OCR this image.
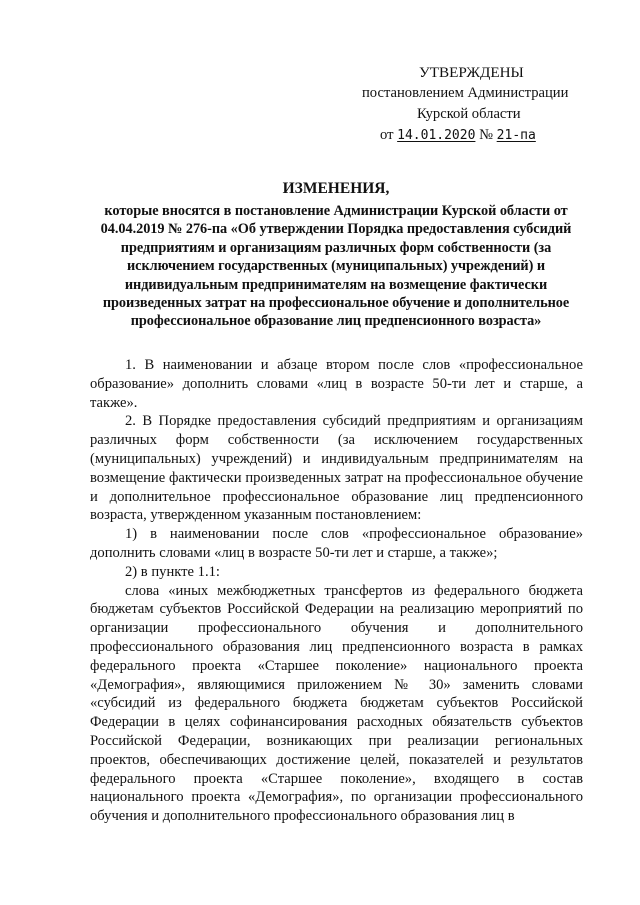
УТВЕРЖДЕНЫ
постановлением Администрации
Курской области
от 14.01.2020 № 21-па
ИЗМЕНЕНИЯ,
которые вносятся в постановление Администрации Курской области от 04.04.2019 № 276-па «Об утверждении Порядка предоставления субсидий предприятиям и организациям различных форм собственности (за исключением государственных (муниципальных) учреждений) и индивидуальным предпринимателям на возмещение фактически произведенных затрат на профессиональное обучение и дополнительное профессиональное образование лиц предпенсионного возраста»

1. В наименовании и абзаце втором после слов «профессиональное образование» дополнить словами «лиц в возрасте 50-ти лет и старше, а также».

2. В Порядке предоставления субсидий предприятиям и организациям различных форм собственности (за исключением государственных (муниципальных) учреждений) и индивидуальным предпринимателям на возмещение фактически произведенных затрат на профессиональное обучение и дополнительное профессиональное образование лиц предпенсионного возраста, утвержденном указанным постановлением:

1) в наименовании после слов «профессиональное образование» дополнить словами «лиц в возрасте 50-ти лет и старше, а также»;

2) в пункте 1.1:

слова «иных межбюджетных трансфертов из федерального бюджета бюджетам субъектов Российской Федерации на реализацию мероприятий по организации профессионального обучения и дополнительного профессионального образования лиц предпенсионного возраста в рамках федерального проекта «Старшее поколение» национального проекта «Демография», являющимися приложением № 30» заменить словами «субсидий из федерального бюджета бюджетам субъектов Российской Федерации в целях софинансирования расходных обязательств субъектов Российской Федерации, возникающих при реализации региональных проектов, обеспечивающих достижение целей, показателей и результатов федерального проекта «Старшее поколение», входящего в состав национального проекта «Демография», по организации профессионального обучения и дополнительного профессионального образования лиц в
